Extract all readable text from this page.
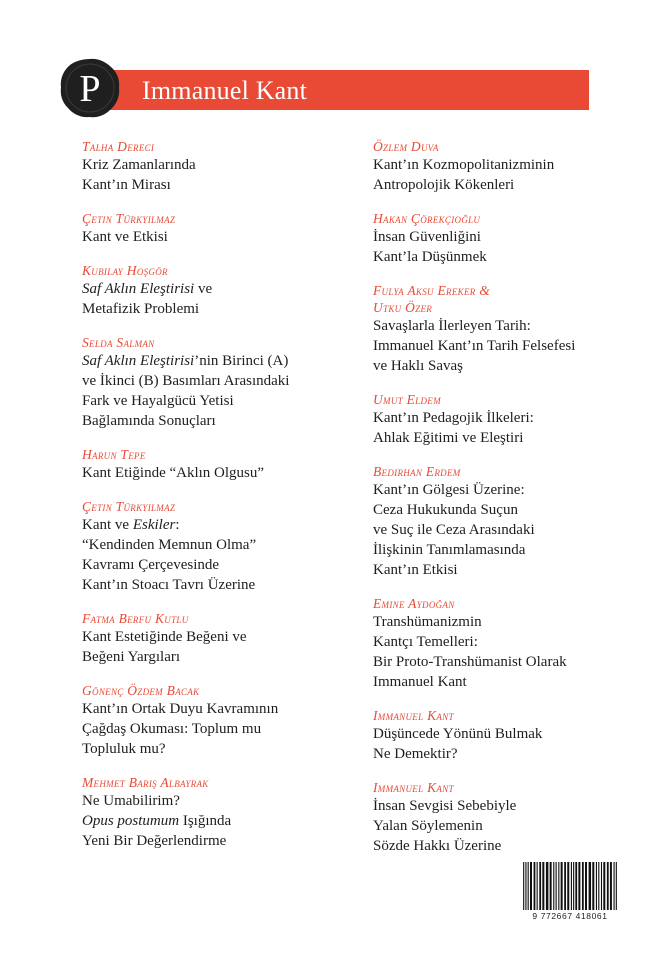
P Immanuel Kant
Talha Dereci
Kriz Zamanlarında
Kant’ın Mirası
Çetin Türkyılmaz
Kant ve Etkisi
Kubilay Hoşgör
Saf Aklın Eleştirisi ve
Metafizik Problemi
Selda Salman
Saf Aklın Eleştirisi’nin Birinci (A)
ve İkinci (B) Basımları Arasındaki
Fark ve Hayalgücü Yetisi
Bağlamında Sonuçları
Harun Tepe
Kant Etiğinde “Aklın Olgusu”
Çetin Türkyılmaz
Kant ve Eskiler:
“Kendinden Memnun Olma”
Kavramı Çerçevesinde
Kant’ın Stoacı Tavrı Üzerine
Fatma Berfu Kutlu
Kant Estetiğinde Beğeni ve
Beğeni Yargıları
Gönenç Özdem Bacak
Kant’ın Ortak Duyu Kavramının
Çağdaş Okuması: Toplum mu
Topluluk mu?
Mehmet Barış Albayrak
Ne Umabilirim?
Opus postumum Işığında
Yeni Bir Değerlendirme
Özlem Duva
Kant’ın Kozmopolitanizminin
Antropolojik Kökenleri
Hakan Çörekçioğlu
İnsan Güvenliğini
Kant’la Düşünmek
Fulya Aksu Ereker &
Utku Özer
Savaşlarla İlerleyen Tarih:
Immanuel Kant’ın Tarih Felsefesi
ve Haklı Savaş
Umut Eldem
Kant’ın Pedagojik İlkeleri:
Ahlak Eğitimi ve Eleştiri
Bedirhan Erdem
Kant’ın Gölgesi Üzerine:
Ceza Hukukunda Suçun
ve Suç ile Ceza Arasındaki
İlişkinin Tanımlamasında
Kant’ın Etkisi
Emine Aydoğan
Transhümanizmin
Kantçı Temelleri:
Bir Proto-Transhümanist Olarak
Immanuel Kant
Immanuel Kant
Düşüncede Yönünü Bulmak
Ne Demektir?
Immanuel Kant
İnsan Sevgisi Sebebiyle
Yalan Söylemenin
Sözde Hakkı Üzerine
9 772667 418061
